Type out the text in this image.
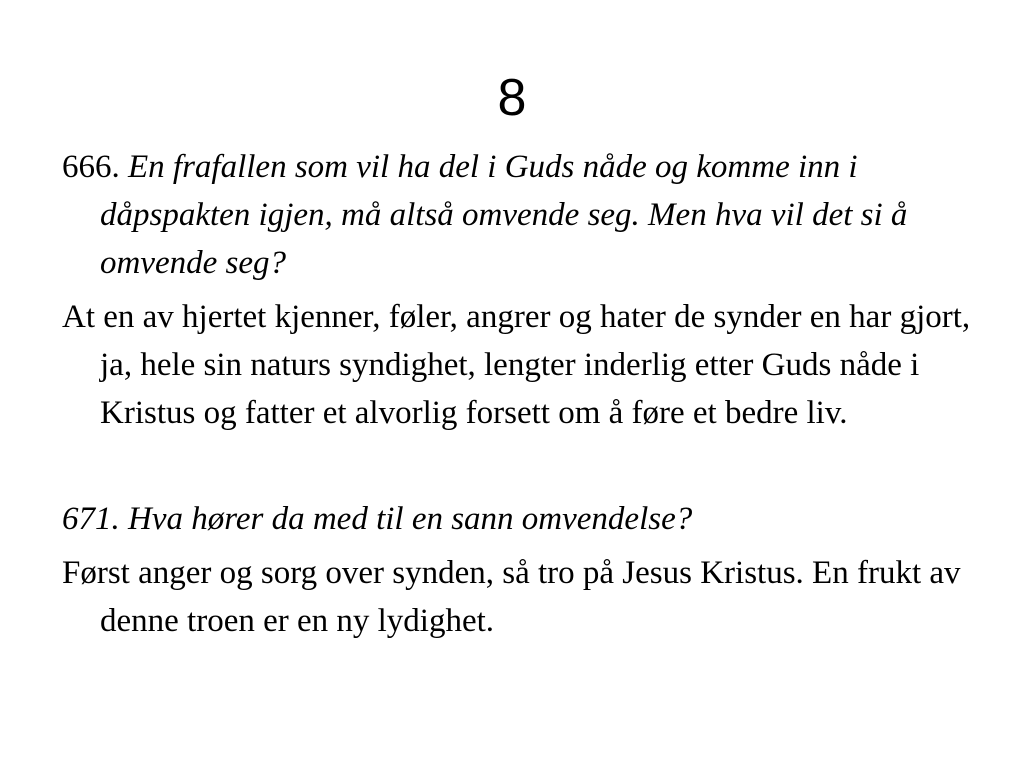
8

666. En frafallen som vil ha del i Guds nåde og komme inn i dåpspakten igjen, må altså omvende seg. Men hva vil det si å omvende seg?

At en av hjertet kjenner, føler, angrer og hater de synder en har gjort, ja, hele sin naturs syndighet, lengter inderlig etter Guds nåde i Kristus og fatter et alvorlig forsett om å føre et bedre liv.

671. Hva hører da med til en sann omvendelse?

Først anger og sorg over synden, så tro på Jesus Kristus. En frukt av denne troen er en ny lydighet.
